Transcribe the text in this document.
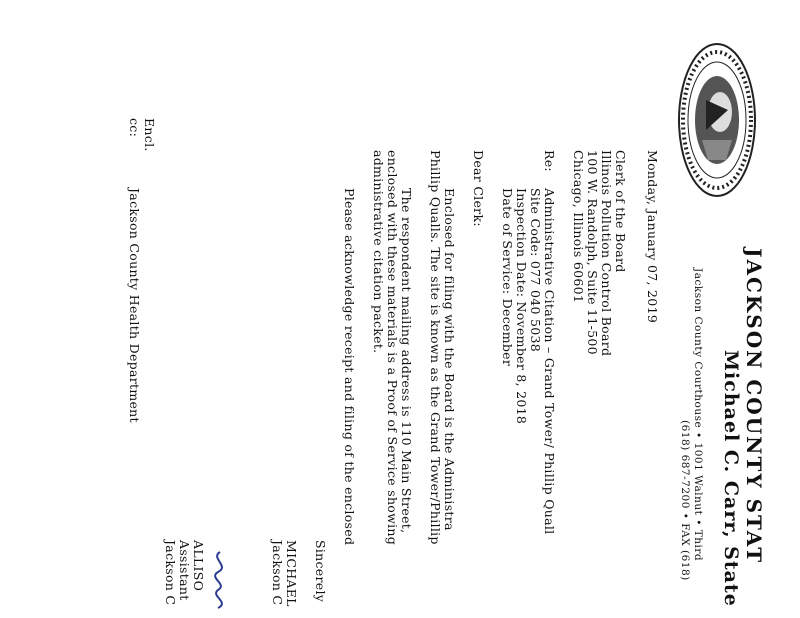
JACKSON COUNTY STAT
Michael C. Carr, State
Jackson County Courthouse • 1001 Walnut • Third
(618) 687-7200 • FAX (618)
Monday, January 07, 2019
Clerk of the Board
Illinois Pollution Control Board
100 W. Randolph, Suite 11-500
Chicago, Illinois 60601
Re:
Administrative Citation – Grand Tower/ Phillip Quall
Site Code: 077 040 5038
Inspection Date: November 8, 2018
Date of Service: December
Dear Clerk:
Enclosed for filing with the Board is the Administra
Phillip Qualls. The site is known as the Grand Tower/Phillip
The respondent mailing address is 110 Main Street,
enclosed with these materials is a Proof of Service showing
administrative citation packet.
Please acknowledge receipt and filing of the enclosed
Sincerely
MICHAEL
Jackson C
ALLISO
Assistant
Jackson C
Encl.
cc:
Jackson County Health Department
